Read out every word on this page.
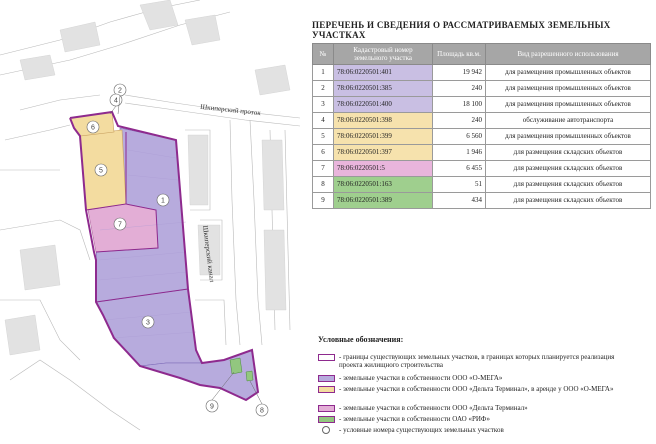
1
2
3
4
5
6
7
8
9
Шкиперский проток
Шкиперский канал
ПЕРЕЧЕНЬ И СВЕДЕНИЯ О РАССМАТРИВАЕМЫХ ЗЕМЕЛЬНЫХ УЧАСТКАХ
№	Кадастровый номер земельного участка	Площадь кв.м.	Вид разрешенного использования
1	78:06:0220501:401	19 942	для размещения промышленных объектов
2	78:06:0220501:385	240	для размещения промышленных объектов
3	78:06:0220501:400	18 100	для размещения промышленных объектов
4	78:06:0220501:398	240	обслуживание автотранспорта
5	78:06:0220501:399	6 560	для размещения промышленных объектов
6	78:06:0220501:397	1 946	для размещения складских объектов
7	78:06:0220501:5	6 455	для размещения складских объектов
8	78:06:0220501:163	51	для размещения складских объектов
9	78:06:0220501:389	434	для размещения складских объектов
Условные обозначения:
- границы существующих земельных участков, в границах которых планируется реализация проекта жилищного строительства
- земельные участки в собственности ООО «О-МЕГА»
- земельные участки в собственности ООО «Дельта Терминал», в аренде у ООО «О-МЕГА»
- земельные участки в собственности ООО «Дельта Терминал»
- земельные участки в собственности ОАО «РИФ»
- условные номера существующих земельных участков
